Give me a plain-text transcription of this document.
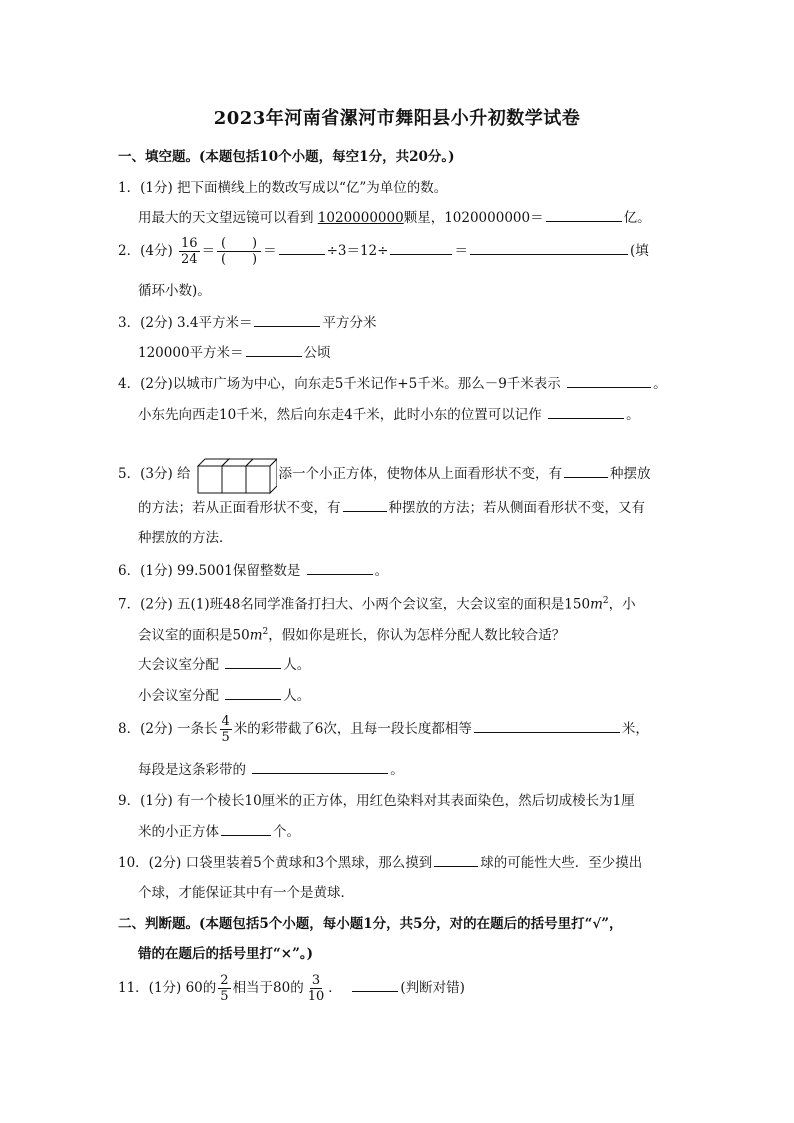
2023年河南省漯河市舞阳县小升初数学试卷
一、填空题。(本题包括10个小题，每空1分，共20分。)
1．(1分) 把下面横线上的数改写成以“亿”为单位的数。
用最大的天文望远镜可以看到 1020000000颗星，1020000000＝	亿。
2．(4分) $\frac{16}{24} = \frac{( )}{( )}$ ＝	÷3＝12÷	＝	(填
循环小数)。
3．(2分) 3.4平方米＝	平方分米
120000平方米＝	公顷
4．(2分)以城市广场为中心，向东走5千米记作+5千米。那么－9千米表示	。
小东先向西走10千米，然后向东走4千米，此时小东的位置可以记作	。
5．(3分) 给	添一个小正方体，使物体从上面看形状不变，有	种摆放
的方法；若从正面看形状不变，有	种摆放的方法；若从侧面看形状不变，又有
种摆放的方法．
6．(1分) 99.5001保留整数是	。
7．(2分) 五(1)班48名同学准备打扫大、小两个会议室，大会议室的面积是$150m^2$，小
会议室的面积是$50m^2$，假如你是班长，你认为怎样分配人数比较合适？
大会议室分配	人。
小会议室分配	人。
8．(2分) 一条长 $\frac{4}{5}$ 米的彩带截了6次，且每一段长度都相等	米，
每段是这条彩带的	。
9．(1分) 有一个棱长10厘米的正方体，用红色染料对其表面染色，然后切成棱长为1厘
米的小正方体	个。
10．(2分) 口袋里装着5个黄球和3个黑球，那么摸到	球的可能性大些．至少摸出
个球，才能保证其中有一个是黄球．
二、判断题。(本题包括5个小题，每小题1分，共5分，对的在题后的括号里打“√”，
错的在题后的括号里打“×”。)
11．(1分) 60的 $\frac{2}{5}$ 相当于80的 $\frac{3}{10}$ ．	(判断对错)
